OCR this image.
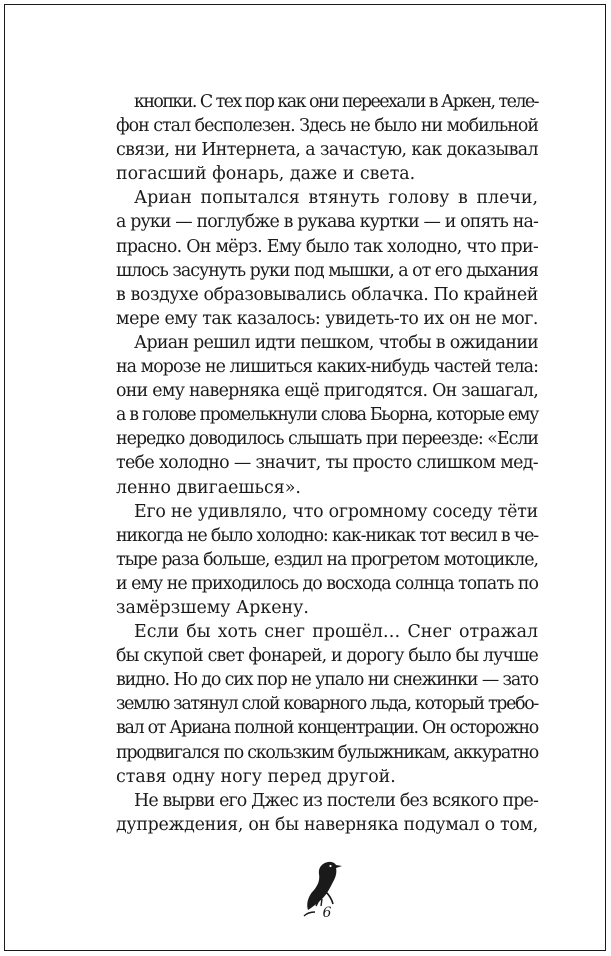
кнопки. С тех пор как они переехали в Аркен, теле-
фон стал бесполезен. Здесь не было ни мобильной
связи, ни Интернета, а зачастую, как доказывал
погасший фонарь, даже и света.
Ариан попытался втянуть голову в плечи,
а руки — поглубже в рукава куртки — и опять на-
прасно. Он мёрз. Ему было так холодно, что при-
шлось засунуть руки под мышки, а от его дыхания
в воздухе образовывались облачка. По крайней
мере ему так казалось: увидеть-то их он не мог.
Ариан решил идти пешком, чтобы в ожидании
на морозе не лишиться каких-нибудь частей тела:
они ему наверняка ещё пригодятся. Он зашагал,
а в голове промелькнули слова Бьорна, которые ему
нередко доводилось слышать при переезде: «Если
тебе холодно — значит, ты просто слишком мед-
ленно двигаешься».
Его не удивляло, что огромному соседу тёти
никогда не было холодно: как-никак тот весил в че-
тыре раза больше, ездил на прогретом мотоцикле,
и ему не приходилось до восхода солнца топать по
замёрзшему Аркену.
Если бы хоть снег прошёл… Снег отражал
бы скупой свет фонарей, и дорогу было бы лучше
видно. Но до сих пор не упало ни снежинки — зато
землю затянул слой коварного льда, который требо-
вал от Ариана полной концентрации. Он осторожно
продвигался по скользким булыжникам, аккуратно
ставя одну ногу перед другой.
Не вырви его Джес из постели без всякого пре-
дупреждения, он бы наверняка подумал о том,
6
